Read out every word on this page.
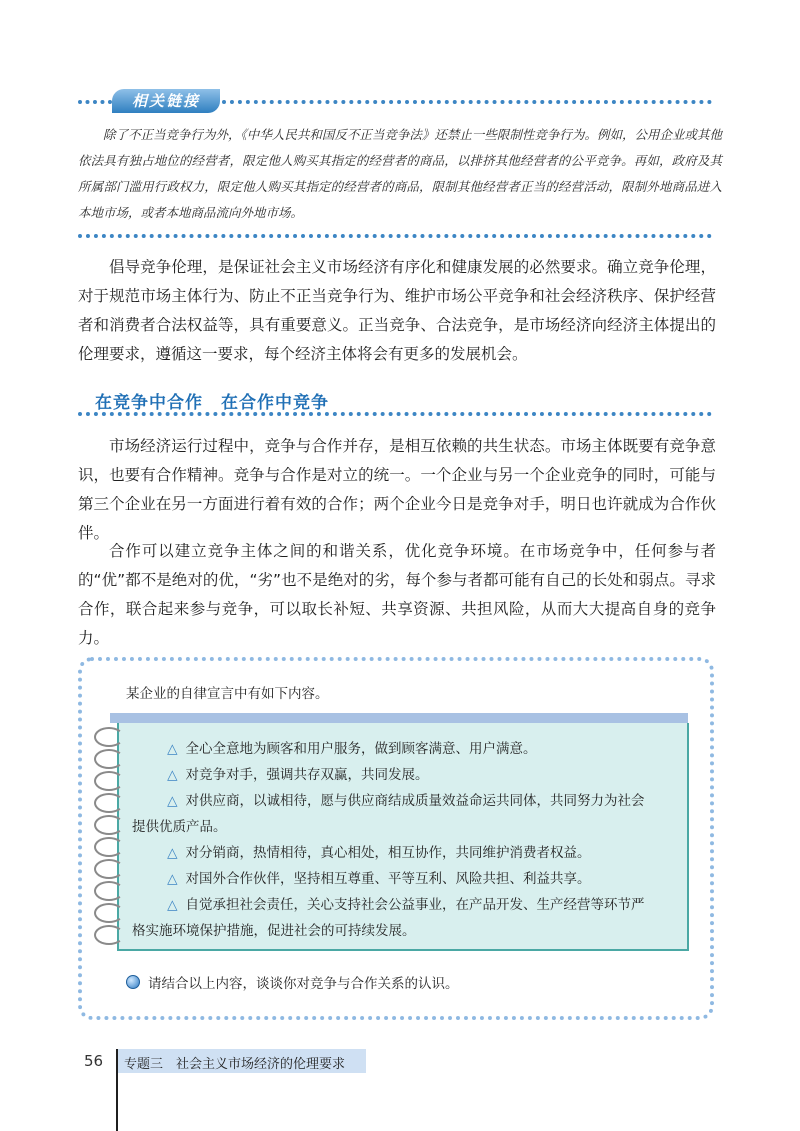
相关链接

除了不正当竞争行为外，《中华人民共和国反不正当竞争法》还禁止一些限制性竞争行为。例如，公用企业或其他依法具有独占地位的经营者，限定他人购买其指定的经营者的商品，以排挤其他经营者的公平竞争。再如，政府及其所属部门滥用行政权力，限定他人购买其指定的经营者的商品，限制其他经营者正当的经营活动，限制外地商品进入本地市场，或者本地商品流向外地市场。

倡导竞争伦理，是保证社会主义市场经济有序化和健康发展的必然要求。确立竞争伦理，对于规范市场主体行为、防止不正当竞争行为、维护市场公平竞争和社会经济秩序、保护经营者和消费者合法权益等，具有重要意义。正当竞争、合法竞争，是市场经济向经济主体提出的伦理要求，遵循这一要求，每个经济主体将会有更多的发展机会。

在竞争中合作　在合作中竞争

市场经济运行过程中，竞争与合作并存，是相互依赖的共生状态。市场主体既要有竞争意识，也要有合作精神。竞争与合作是对立的统一。一个企业与另一个企业竞争的同时，可能与第三个企业在另一方面进行着有效的合作；两个企业今日是竞争对手，明日也许就成为合作伙伴。

合作可以建立竞争主体之间的和谐关系，优化竞争环境。在市场竞争中，任何参与者的“优”都不是绝对的优，“劣”也不是绝对的劣，每个参与者都可能有自己的长处和弱点。寻求合作，联合起来参与竞争，可以取长补短、共享资源、共担风险，从而大大提高自身的竞争力。

某企业的自律宣言中有如下内容。
△ 全心全意地为顾客和用户服务，做到顾客满意、用户满意。
△ 对竞争对手，强调共存双赢，共同发展。
△ 对供应商，以诚相待，愿与供应商结成质量效益命运共同体，共同努力为社会提供优质产品。
△ 对分销商，热情相待，真心相处，相互协作，共同维护消费者权益。
△ 对国外合作伙伴，坚持相互尊重、平等互利、风险共担、利益共享。
△ 自觉承担社会责任，关心支持社会公益事业，在产品开发、生产经营等环节严格实施环境保护措施，促进社会的可持续发展。
请结合以上内容，谈谈你对竞争与合作关系的认识。
56 专题三　社会主义市场经济的伦理要求
